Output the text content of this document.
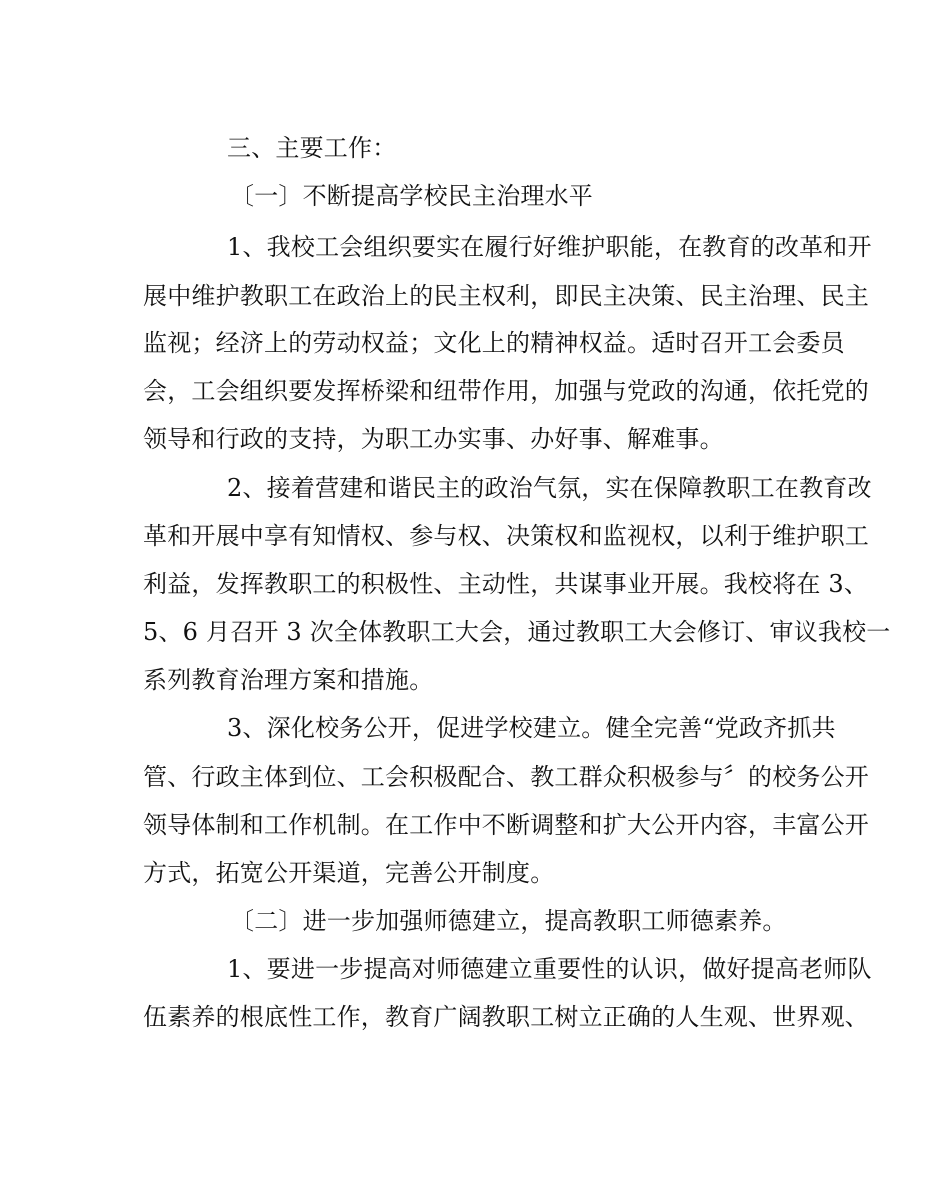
三、主要工作：
〔一〕不断提高学校民主治理水平
1、我校工会组织要实在履行好维护职能，在教育的改革和开
展中维护教职工在政治上的民主权利，即民主决策、民主治理、民主
监视；经济上的劳动权益；文化上的精神权益。适时召开工会委员
会，工会组织要发挥桥梁和纽带作用，加强与党政的沟通，依托党的
领导和行政的支持，为职工办实事、办好事、解难事。
2、接着营建和谐民主的政治气氛，实在保障教职工在教育改
革和开展中享有知情权、参与权、决策权和监视权，以利于维护职工
利益，发挥教职工的积极性、主动性，共谋事业开展。我校将在 3、
5、6 月召开 3 次全体教职工大会，通过教职工大会修订、审议我校一
系列教育治理方案和措施。
3、深化校务公开，促进学校建立。健全完善“党政齐抓共
管、行政主体到位、工会积极配合、教工群众积极参与〞的校务公开
领导体制和工作机制。在工作中不断调整和扩大公开内容，丰富公开
方式，拓宽公开渠道，完善公开制度。
〔二〕进一步加强师德建立，提高教职工师德素养。
1、要进一步提高对师德建立重要性的认识，做好提高老师队
伍素养的根底性工作，教育广阔教职工树立正确的人生观、世界观、
